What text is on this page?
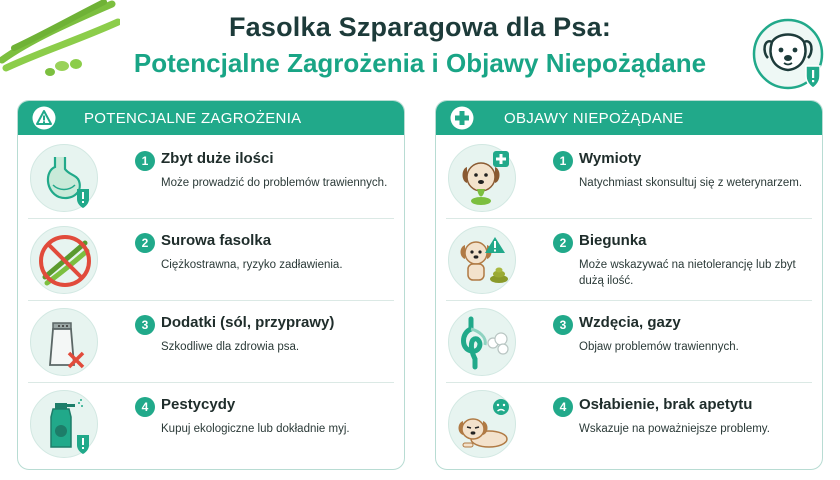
Fasolka Szparagowa dla Psa:
Potencjalne Zagrożenia i Objawy Niepożądane
POTENCJALNE ZAGROŻENIA
1 Zbyt duże ilości
Może prowadzić do problemów trawiennych.
2 Surowa fasolka
Ciężkostrawna, ryzyko zadławienia.
3 Dodatki (sól, przyprawy)
Szkodliwe dla zdrowia psa.
4 Pestycydy
Kupuj ekologiczne lub dokładnie myj.
OBJAWY NIEPOŻĄDANE
1 Wymioty
Natychmiast skonsultuj się z weterynarzem.
2 Biegunka
Może wskazywać na nietolerancję lub zbyt dużą ilość.
3 Wzdęcia, gazy
Objaw problemów trawiennych.
4 Osłabienie, brak apetytu
Wskazuje na poważniejsze problemy.
